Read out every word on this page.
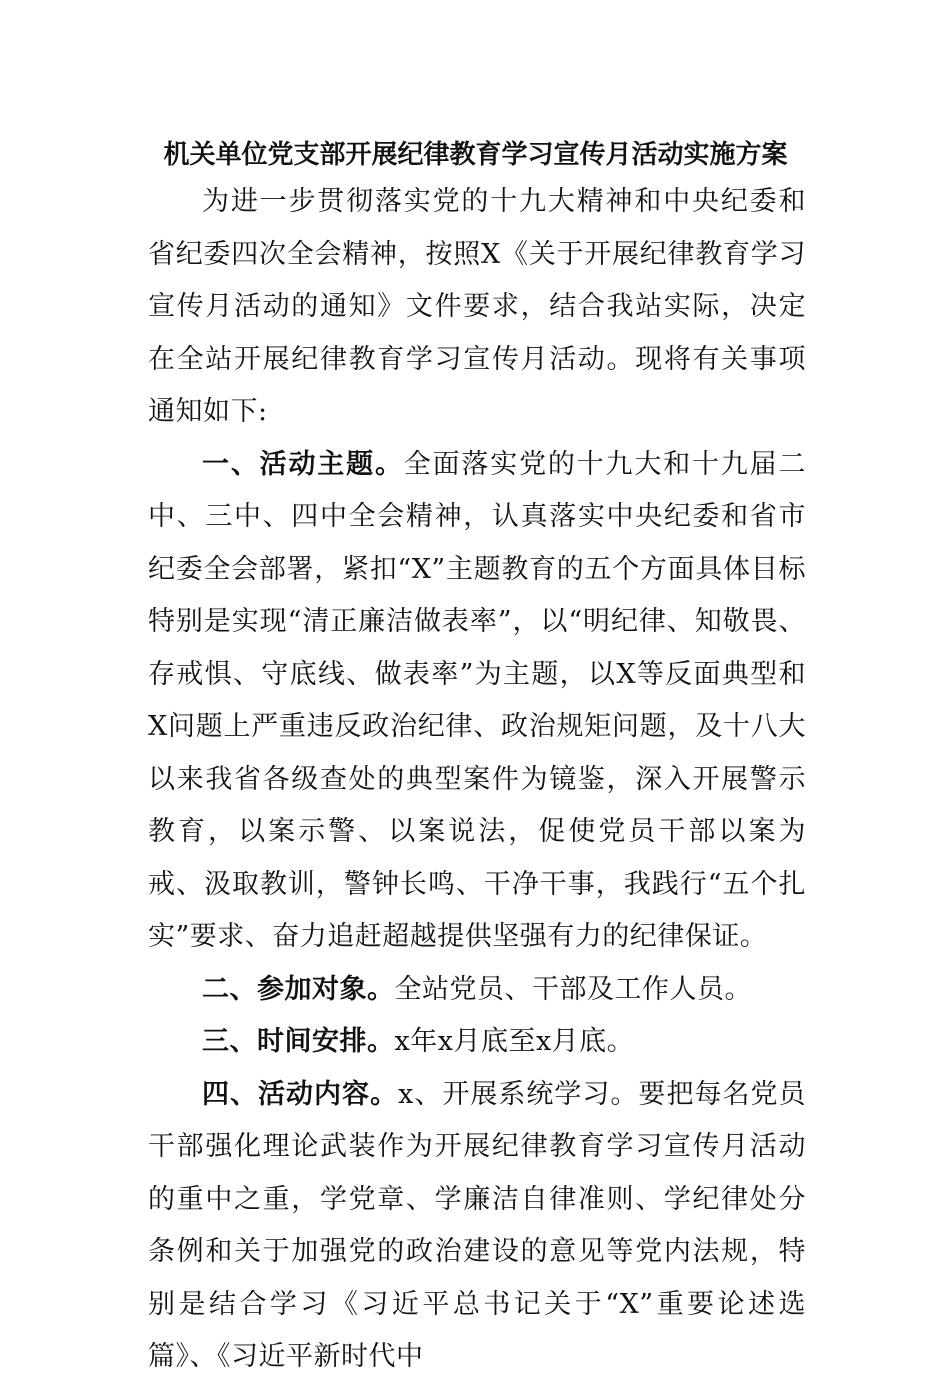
机关单位党支部开展纪律教育学习宣传月活动实施方案

为进一步贯彻落实党的十九大精神和中央纪委和省纪委四次全会精神，按照X《关于开展纪律教育学习宣传月活动的通知》文件要求，结合我站实际，决定在全站开展纪律教育学习宣传月活动。现将有关事项通知如下:

一、活动主题。全面落实党的十九大和十九届二中、三中、四中全会精神，认真落实中央纪委和省市纪委全会部署，紧扣“X”主题教育的五个方面具体目标特别是实现“清正廉洁做表率”，以“明纪律、知敬畏、存戒惧、守底线、做表率”为主题，以X等反面典型和X问题上严重违反政治纪律、政治规矩问题，及十八大以来我省各级查处的典型案件为镜鉴，深入开展警示教育，以案示警、以案说法，促使党员干部以案为戒、汲取教训，警钟长鸣、干净干事，我践行“五个扎实”要求、奋力追赶超越提供坚强有力的纪律保证。

二、参加对象。全站党员、干部及工作人员。

三、时间安排。x年x月底至x月底。

四、活动内容。x、开展系统学习。要把每名党员干部强化理论武装作为开展纪律教育学习宣传月活动的重中之重，学党章、学廉洁自律准则、学纪律处分条例和关于加强党的政治建设的意见等党内法规，特别是结合学习《习近平总书记关于“X”重要论述选篇》、《习近平新时代中
